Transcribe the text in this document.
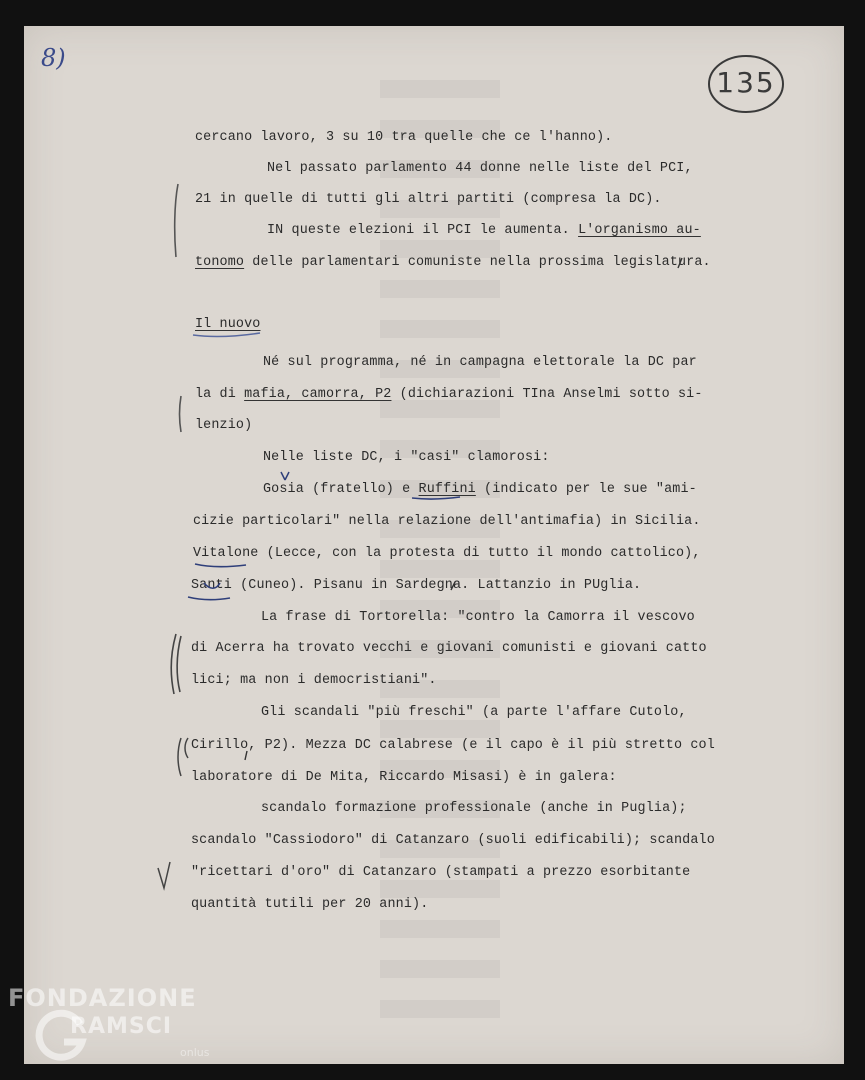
8)
135
cercano lavoro, 3 su 10 tra quelle che ce l'hanno).
Nel passato parlamento 44 donne nelle liste del PCI,
21 in quelle di tutti gli altri partiti (compresa la DC).
IN queste elezioni il PCI le aumenta. L'organismo au-
tonomo delle parlamentari comuniste nella prossima legislatura.
Il nuovo
Né sul programma, né in campagna elettorale la DC par
la di mafia, camorra, P2 (dichiarazioni TIna Anselmi sotto si-
lenzio)
Nelle liste DC, i "casi" clamorosi:
Gosia (fratello) e Ruffini (indicato per le sue "ami-
cizie particolari" nella relazione dell'antimafia) in Sicilia.
Vitalone (Lecce, con la protesta di tutto il mondo cattolico),
Santi (Cuneo). Pisanu in Sardegna. Lattanzio in PUglia.
La frase di Tortorella: "contro la Camorra il vescovo
di Acerra ha trovato vecchi e giovani comunisti e giovani catto
lici; ma non i democristiani".
Gli scandali "più freschi" (a parte l'affare Cutolo,
Cirillo, P2). Mezza DC calabrese (e il capo è il più stretto col
laboratore di De Mita, Riccardo Misasi) è in galera:
scandalo formazione professionale (anche in Puglia);
scandalo "Cassiodoro" di Catanzaro (suoli edificabili); scandalo
"ricettari d'oro" di Catanzaro (stampati a prezzo esorbitante
quantità tutili per 20 anni).
FONDAZIONE
RAMSCI
onlus
